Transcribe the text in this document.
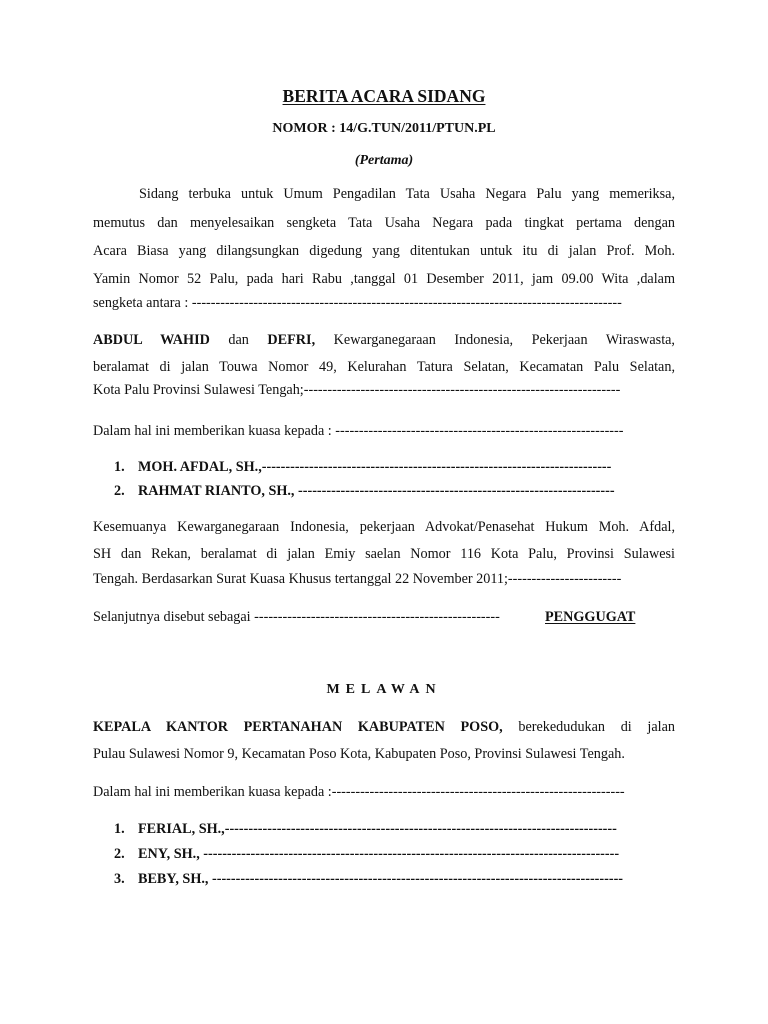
BERITA ACARA SIDANG
NOMOR : 14/G.TUN/2011/PTUN.PL
(Pertama)
Sidang terbuka untuk Umum Pengadilan Tata Usaha Negara Palu yang memeriksa,
memutus dan menyelesaikan sengketa Tata Usaha Negara pada tingkat pertama dengan
Acara Biasa yang dilangsungkan digedung yang ditentukan untuk itu di jalan Prof. Moh.
Yamin Nomor 52 Palu, pada hari Rabu ,tanggal 01 Desember 2011, jam 09.00 Wita ,dalam
sengketa antara : -------------------------------------------------------------------------------------------
ABDUL WAHID dan DEFRI, Kewarganegaraan Indonesia, Pekerjaan Wiraswasta,
beralamat di jalan Touwa Nomor 49, Kelurahan Tatura Selatan, Kecamatan Palu Selatan,
Kota Palu Provinsi Sulawesi Tengah;-------------------------------------------------------------------
Dalam hal ini memberikan kuasa kepada : -------------------------------------------------------------
1. MOH. AFDAL, SH.,--------------------------------------------------------------------------
2. RAHMAT RIANTO, SH., -------------------------------------------------------------------
Kesemuanya Kewarganegaraan Indonesia, pekerjaan Advokat/Penasehat Hukum Moh. Afdal,
SH dan Rekan, beralamat di jalan Emiy saelan Nomor 116 Kota Palu, Provinsi Sulawesi
Tengah. Berdasarkan Surat Kuasa Khusus tertanggal 22 November 2011;------------------------
Selanjutnya disebut sebagai ----------------------------------------------------	PENGGUGAT
MELAWAN
KEPALA KANTOR PERTANAHAN KABUPATEN POSO, berekedudukan di jalan
Pulau Sulawesi Nomor 9, Kecamatan Poso Kota, Kabupaten Poso, Provinsi Sulawesi Tengah.
Dalam hal ini memberikan kuasa kepada :--------------------------------------------------------------
1. FERIAL, SH.,-----------------------------------------------------------------------------------
2. ENY, SH., ----------------------------------------------------------------------------------------
3. BEBY, SH., ---------------------------------------------------------------------------------------
